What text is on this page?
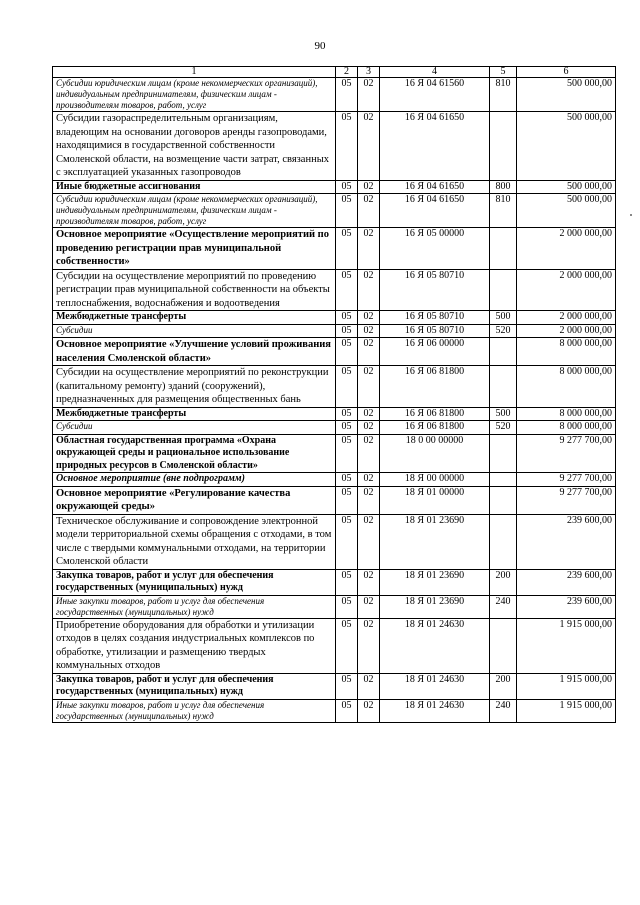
90
1	2	3	4	5	6
Субсидии юридическим лицам (кроме некоммерческих организаций), индивидуальным предпринимателям, физическим лицам - производителям товаров, работ, услуг	05	02	16 Я 04 61560	810	500 000,00
Субсидии газораспределительным организациям, владеющим на основании договоров аренды газопроводами, находящимися в государственной собственности Смоленской области, на возмещение части затрат, связанных с эксплуатацией указанных газопроводов	05	02	16 Я 04 61650		500 000,00
Иные бюджетные ассигнования	05	02	16 Я 04 61650	800	500 000,00
Субсидии юридическим лицам (кроме некоммерческих организаций), индивидуальным предпринимателям, физическим лицам - производителям товаров, работ, услуг	05	02	16 Я 04 61650	810	500 000,00
Основное мероприятие «Осуществление мероприятий по проведению регистрации прав муниципальной собственности»	05	02	16 Я 05 00000		2 000 000,00
Субсидии на осуществление мероприятий по проведению регистрации прав муниципальной собственности на объекты теплоснабжения, водоснабжения и водоотведения	05	02	16 Я 05 80710		2 000 000,00
Межбюджетные трансферты	05	02	16 Я 05 80710	500	2 000 000,00
Субсидии	05	02	16 Я 05 80710	520	2 000 000,00
Основное мероприятие «Улучшение условий проживания населения Смоленской области»	05	02	16 Я 06 00000		8 000 000,00
Субсидии на осуществление мероприятий по реконструкции (капитальному ремонту) зданий (сооружений), предназначенных для размещения общественных бань	05	02	16 Я 06 81800		8 000 000,00
Межбюджетные трансферты	05	02	16 Я 06 81800	500	8 000 000,00
Субсидии	05	02	16 Я 06 81800	520	8 000 000,00
Областная государственная программа «Охрана окружающей среды и рациональное использование природных ресурсов в Смоленской области»	05	02	18 0 00 00000		9 277 700,00
Основное мероприятие (вне подпрограмм)	05	02	18 Я 00 00000		9 277 700,00
Основное мероприятие «Регулирование качества окружающей среды»	05	02	18 Я 01 00000		9 277 700,00
Техническое обслуживание и сопровождение электронной модели территориальной схемы обращения с отходами, в том числе с твердыми коммунальными отходами, на территории Смоленской области	05	02	18 Я 01 23690		239 600,00
Закупка товаров, работ и услуг для обеспечения государственных (муниципальных) нужд	05	02	18 Я 01 23690	200	239 600,00
Иные закупки товаров, работ и услуг для обеспечения государственных (муниципальных) нужд	05	02	18 Я 01 23690	240	239 600,00
Приобретение оборудования для обработки и утилизации отходов в целях создания индустриальных комплексов по обработке, утилизации и размещению твердых коммунальных отходов	05	02	18 Я 01 24630		1 915 000,00
Закупка товаров, работ и услуг для обеспечения государственных (муниципальных) нужд	05	02	18 Я 01 24630	200	1 915 000,00
Иные закупки товаров, работ и услуг для обеспечения государственных (муниципальных) нужд	05	02	18 Я 01 24630	240	1 915 000,00
